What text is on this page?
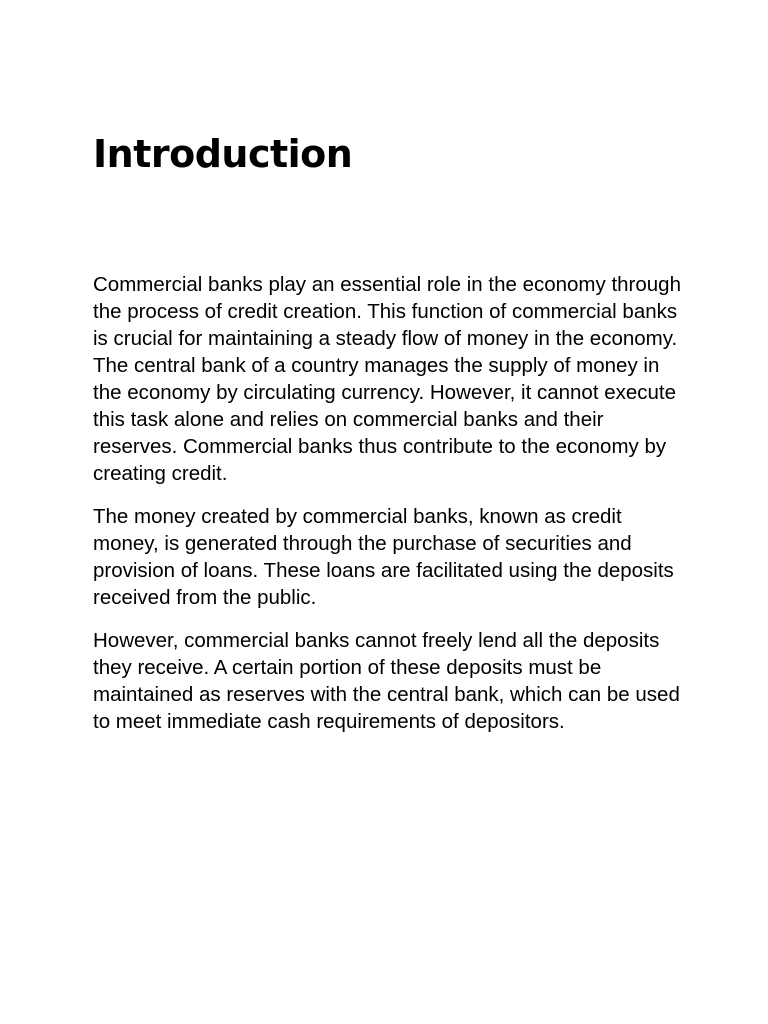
Introduction

Commercial banks play an essential role in the economy through the process of credit creation. This function of commercial banks is crucial for maintaining a steady flow of money in the economy. The central bank of a country manages the supply of money in the economy by circulating currency. However, it cannot execute this task alone and relies on commercial banks and their reserves. Commercial banks thus contribute to the economy by creating credit.

The money created by commercial banks, known as credit money, is generated through the purchase of securities and provision of loans. These loans are facilitated using the deposits received from the public.

However, commercial banks cannot freely lend all the deposits they receive. A certain portion of these deposits must be maintained as reserves with the central bank, which can be used to meet immediate cash requirements of depositors.
